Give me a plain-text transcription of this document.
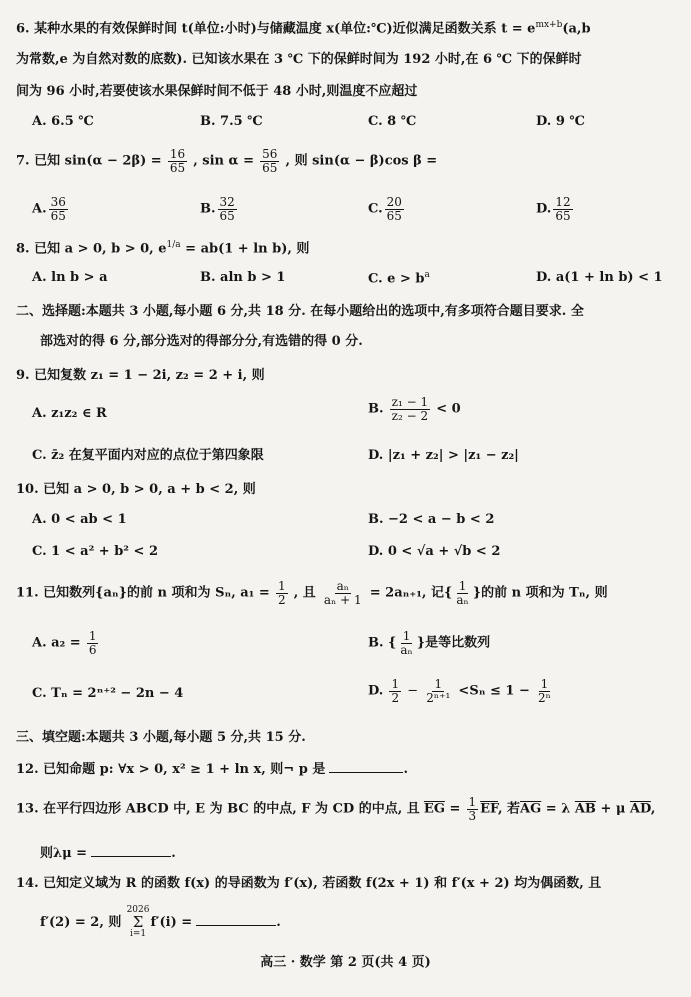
6. 某种水果的有效保鲜时间 t(单位:小时)与储藏温度 x(单位:℃)近似满足函数关系 $t = e^{mx+b}(a,b$
为常数,e 为自然对数的底数). 已知该水果在 3 ℃ 下的保鲜时间为 192 小时,在 6 ℃ 下的保鲜时
间为 96 小时,若要使该水果保鲜时间不低于 48 小时,则温度不应超过
A. 6.5 ℃	B. 7.5 ℃	C. 8 ℃	D. 9 ℃
7. 已知 $\sin(\alpha - 2\beta) = \frac{16}{65}$ , $\sin \alpha = \frac{56}{65}$ , 则 sin(α − β)cos β =
A. $\frac{36}{65}$	B. $\frac{32}{65}$	C. $\frac{20}{65}$	D. $\frac{12}{65}$
8. 已知 a > 0, b > 0, $e^{1/a} = ab(1 + \ln b)$, 则
A. ln b > a	B. aln b > 1	C. $e > b^a$	D. a(1 + ln b) < 1
二、选择题:本题共 3 小题,每小题 6 分,共 18 分. 在每小题给出的选项中,有多项符合题目要求. 全
部选对的得 6 分,部分选对的得部分分,有选错的得 0 分.
9. 已知复数 z₁ = 1 − 2i, z₂ = 2 + i, 则
A. z₁z₂ ∈ R	B. $\frac{\text{z₁ − 1}}{\text{z₂ − 2}} < 0$
C. z̄₂ 在复平面内对应的点位于第四象限	D. |z₁ + z₂| > |z₁ − z₂|
10. 已知 a > 0, b > 0, a + b < 2, 则
A. 0 < ab < 1	B. −2 < a − b < 2
C. 1 < a² + b² < 2	D. 0 < √a + √b < 2
11. 已知数列{aₙ}的前 n 项和为 Sₙ, $a_1 = \frac{1}{2}$ , 且 $\frac{\text{aₙ}}{\text{aₙ + 1}} = 2a_{n+1}$, 记{ $\frac{1}{\text{aₙ}}$ }的前 n 项和为 Tₙ, 则
A. $a_2 = \frac{1}{6}$	B. { $\frac{1}{\text{aₙ}}$ }是等比数列
C. Tₙ = 2ⁿ⁺² − 2n − 4	D. $\frac{1}{2} - \frac{1}{\text{2ⁿ⁺¹}} <S_n \le 1 - \frac{1}{\text{2ⁿ}}$
三、填空题:本题共 3 小题,每小题 5 分,共 15 分.
12. 已知命题 p: ∀x > 0, x² ≥ 1 + ln x, 则¬ p 是	.
13. 在平行四边形 ABCD 中, E 为 BC 的中点, F 为 CD 的中点, 且 $\overline{EG} = \frac{1}{3} \overline{EF}$, 若$\overline{AG} = \lambda$ $\overline{AB} + \mu$ $\overline{AD}$,
则λμ =	.
14. 已知定义域为 R 的函数 f(x) 的导函数为 f′(x), 若函数 f(2x + 1) 和 f′(x + 2) 均为偶函数, 且
f′(2) = 2, 则
2026
Σ
i=1
f′(i) =	.
高三 · 数学 第 2 页(共 4 页)
